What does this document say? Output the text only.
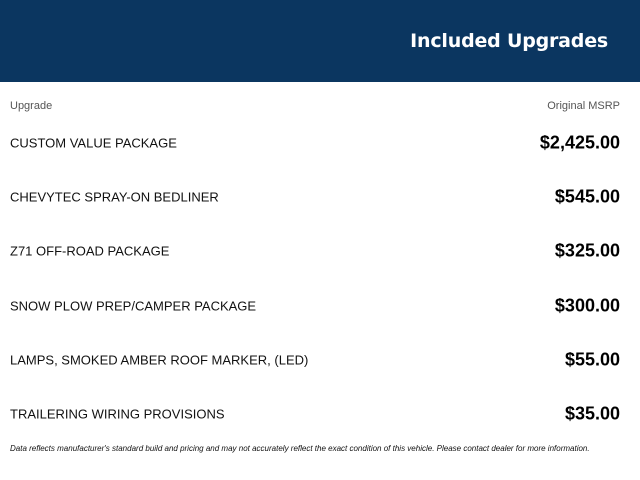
Included Upgrades
Upgrade	Original MSRP
CUSTOM VALUE PACKAGE	$2,425.00
CHEVYTEC SPRAY-ON BEDLINER	$545.00
Z71 OFF-ROAD PACKAGE	$325.00
SNOW PLOW PREP/CAMPER PACKAGE	$300.00
LAMPS, SMOKED AMBER ROOF MARKER, (LED)	$55.00
TRAILERING WIRING PROVISIONS	$35.00
Data reflects manufacturer's standard build and pricing and may not accurately reflect the exact condition of this vehicle. Please contact dealer for more information.
